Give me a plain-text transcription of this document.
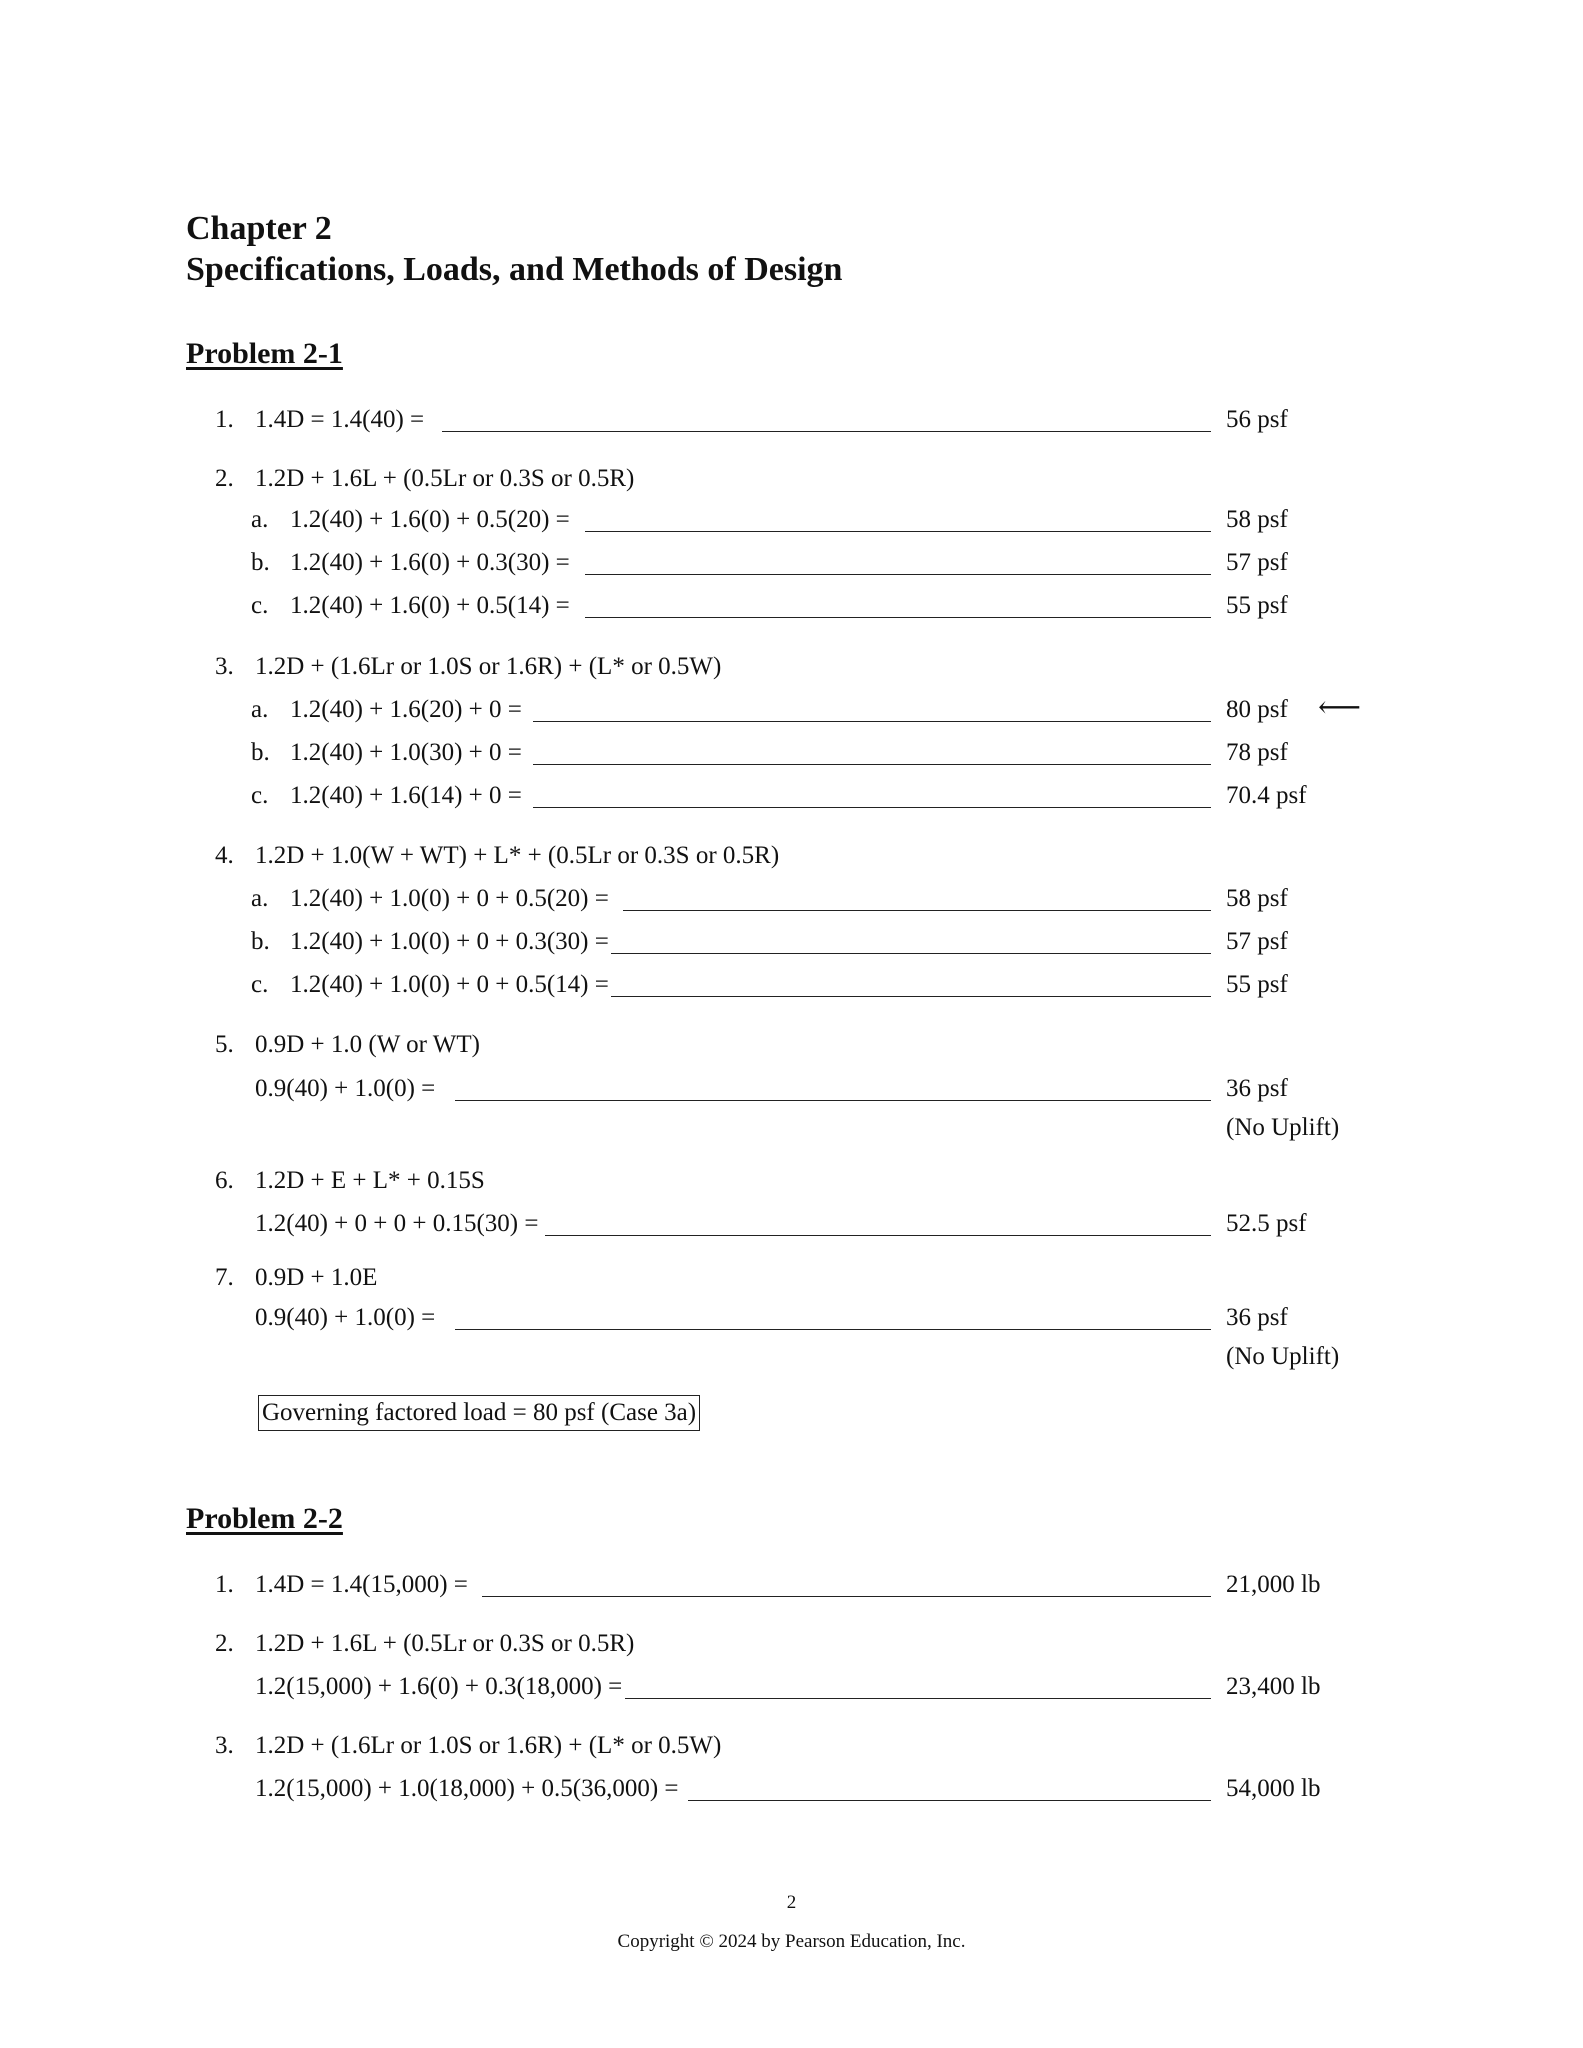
Chapter 2
Specifications, Loads, and Methods of Design
Problem 2-1
1. 1.4D = 1.4(40) =	56 psf
2. 1.2D + 1.6L + (0.5Lr or 0.3S or 0.5R)
a. 1.2(40) + 1.6(0) + 0.5(20) =	58 psf
b. 1.2(40) + 1.6(0) + 0.3(30) =	57 psf
c. 1.2(40) + 1.6(0) + 0.5(14) =	55 psf
3. 1.2D + (1.6Lr or 1.0S or 1.6R) + (L* or 0.5W)
a. 1.2(40) + 1.6(20) + 0 =	80 psf ⟵
b. 1.2(40) + 1.0(30) + 0 =	78 psf
c. 1.2(40) + 1.6(14) + 0 =	70.4 psf
4. 1.2D + 1.0(W + WT) + L* + (0.5Lr or 0.3S or 0.5R)
a. 1.2(40) + 1.0(0) + 0 + 0.5(20) =	58 psf
b. 1.2(40) + 1.0(0) + 0 + 0.3(30) =	57 psf
c. 1.2(40) + 1.0(0) + 0 + 0.5(14) =	55 psf
5. 0.9D + 1.0 (W or WT)
0.9(40) + 1.0(0) =	36 psf
(No Uplift)
6. 1.2D + E + L* + 0.15S
1.2(40) + 0 + 0 + 0.15(30) =	52.5 psf
7. 0.9D + 1.0E
0.9(40) + 1.0(0) =	36 psf
(No Uplift)
Governing factored load = 80 psf (Case 3a)
Problem 2-2
1. 1.4D = 1.4(15,000) =	21,000 lb
2. 1.2D + 1.6L + (0.5Lr or 0.3S or 0.5R)
1.2(15,000) + 1.6(0) + 0.3(18,000) =	23,400 lb
3. 1.2D + (1.6Lr or 1.0S or 1.6R) + (L* or 0.5W)
1.2(15,000) + 1.0(18,000) + 0.5(36,000) =	54,000 lb
2
Copyright © 2024 by Pearson Education, Inc.
